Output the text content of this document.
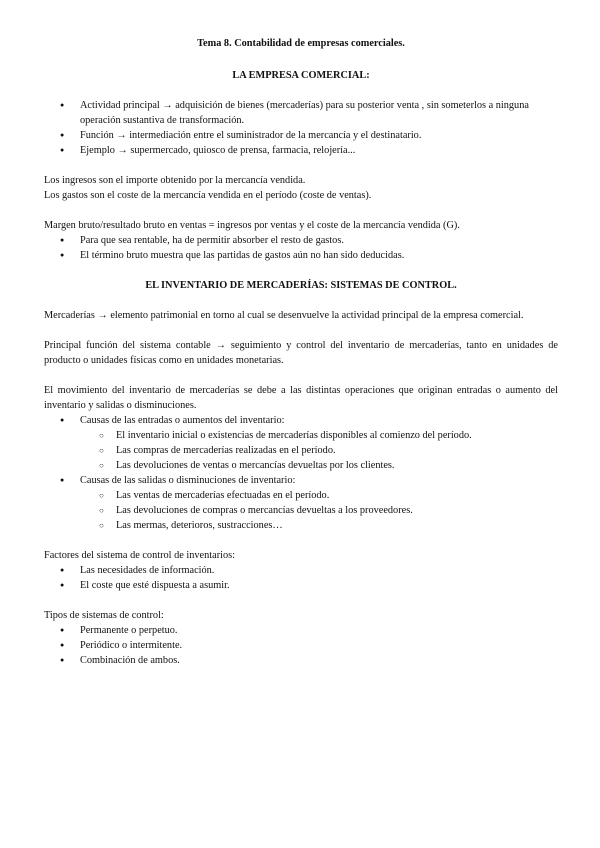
Tema 8. Contabilidad de empresas comerciales.
LA EMPRESA COMERCIAL:
● Actividad principal → adquisición de bienes (mercaderías) para su posterior venta , sin someterlos a ninguna operación sustantiva de transformación.
● Función → intermediación entre el suministrador de la mercancía y el destinatario.
● Ejemplo → supermercado, quiosco de prensa, farmacia, relojería...

Los ingresos son el importe obtenido por la mercancía vendida.

Los gastos son el coste de la mercancía vendida en el período (coste de ventas).

Margen bruto/resultado bruto en ventas = ingresos por ventas y el coste de la mercancía vendida (G).

● Para que sea rentable, ha de permitir absorber el resto de gastos.
● El término bruto muestra que las partidas de gastos aún no han sido deducidas.
EL INVENTARIO DE MERCADERÍAS: SISTEMAS DE CONTROL.

Mercaderías → elemento patrimonial en torno al cual se desenvuelve la actividad principal de la empresa comercial.

Principal función del sistema contable → seguimiento y control del inventario de mercaderías, tanto en unidades de producto o unidades físicas como en unidades monetarias.

El movimiento del inventario de mercaderías se debe a las distintas operaciones que originan entradas o aumento del inventario y salidas o disminuciones.

● Causas de las entradas o aumentos del inventario:
○ El inventario inicial o existencias de mercaderías disponibles al comienzo del período.
○ Las compras de mercaderías realizadas en el período.
○ Las devoluciones de ventas o mercancías devueltas por los clientes.
● Causas de las salidas o disminuciones de inventario:
○ Las ventas de mercaderías efectuadas en el período.
○ Las devoluciones de compras o mercancías devueltas a los proveedores.
○ Las mermas, deterioros, sustracciones…

Factores del sistema de control de inventarios:

● Las necesidades de información.
● El coste que esté dispuesta a asumir.

Tipos de sistemas de control:

● Permanente o perpetuo.
● Periódico o intermitente.
● Combinación de ambos.
